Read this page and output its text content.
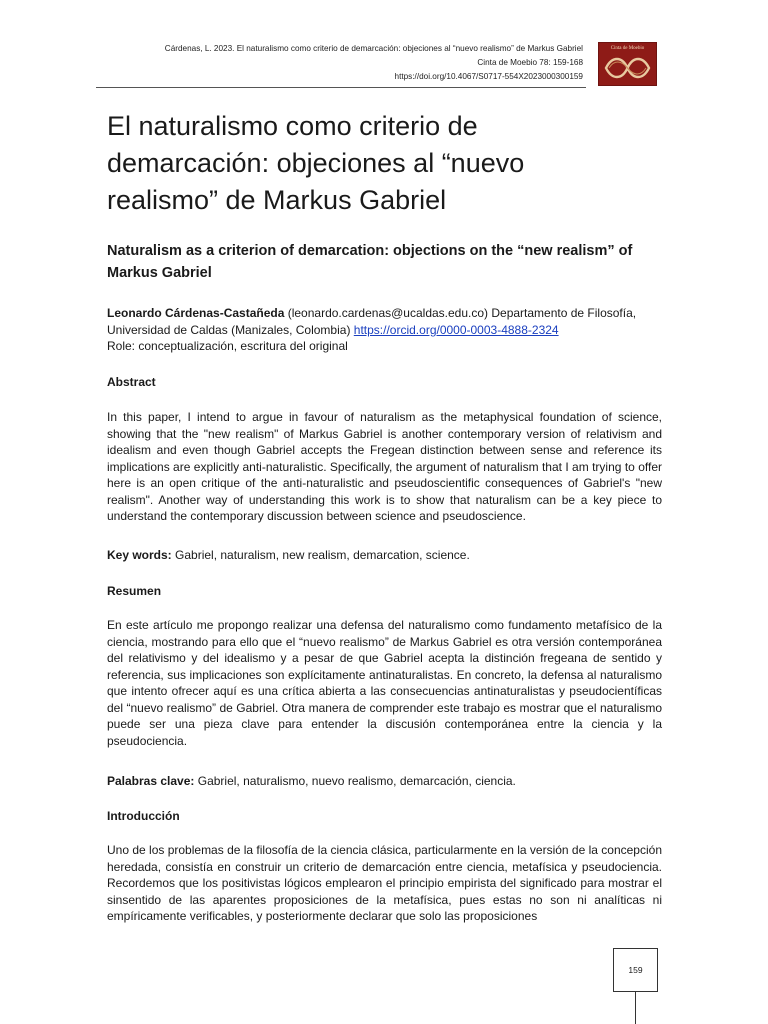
Cárdenas, L. 2023. El naturalismo como criterio de demarcación: objeciones al “nuevo realismo” de Markus Gabriel
Cinta de Moebio 78: 159-168
https://doi.org/10.4067/S0717-554X2023000300159
Cinta de Moebio
El naturalismo como criterio de demarcación: objeciones al “nuevo realismo” de Markus Gabriel
Naturalism as a criterion of demarcation: objections on the “new realism” of Markus Gabriel

Leonardo Cárdenas-Castañeda (leonardo.cardenas@ucaldas.edu.co) Departamento de Filosofía, Universidad de Caldas (Manizales, Colombia) https://orcid.org/0000-0003-4888-2324
Role: conceptualización, escritura del original

Abstract

In this paper, I intend to argue in favour of naturalism as the metaphysical foundation of science, showing that the "new realism" of Markus Gabriel is another contemporary version of relativism and idealism and even though Gabriel accepts the Fregean distinction between sense and reference its implications are explicitly anti-naturalistic. Specifically, the argument of naturalism that I am trying to offer here is an open critique of the anti-naturalistic and pseudoscientific consequences of Gabriel's "new realism". Another way of understanding this work is to show that naturalism can be a key piece to understand the contemporary discussion between science and pseudoscience.

Key words: Gabriel, naturalism, new realism, demarcation, science.

Resumen

En este artículo me propongo realizar una defensa del naturalismo como fundamento metafísico de la ciencia, mostrando para ello que el “nuevo realismo” de Markus Gabriel es otra versión contemporánea del relativismo y del idealismo y a pesar de que Gabriel acepta la distinción fregeana de sentido y referencia, sus implicaciones son explícitamente antinaturalistas. En concreto, la defensa al naturalismo que intento ofrecer aquí es una crítica abierta a las consecuencias antinaturalistas y pseudocientíficas del “nuevo realismo” de Gabriel. Otra manera de comprender este trabajo es mostrar que el naturalismo puede ser una pieza clave para entender la discusión contemporánea entre la ciencia y la pseudociencia.

Palabras clave: Gabriel, naturalismo, nuevo realismo, demarcación, ciencia.

Introducción

Uno de los problemas de la filosofía de la ciencia clásica, particularmente en la versión de la concepción heredada, consistía en construir un criterio de demarcación entre ciencia, metafísica y pseudociencia. Recordemos que los positivistas lógicos emplearon el principio empirista del significado para mostrar el sinsentido de las aparentes proposiciones de la metafísica, pues estas no son ni analíticas ni empíricamente verificables, y posteriormente declarar que solo las proposiciones

159
